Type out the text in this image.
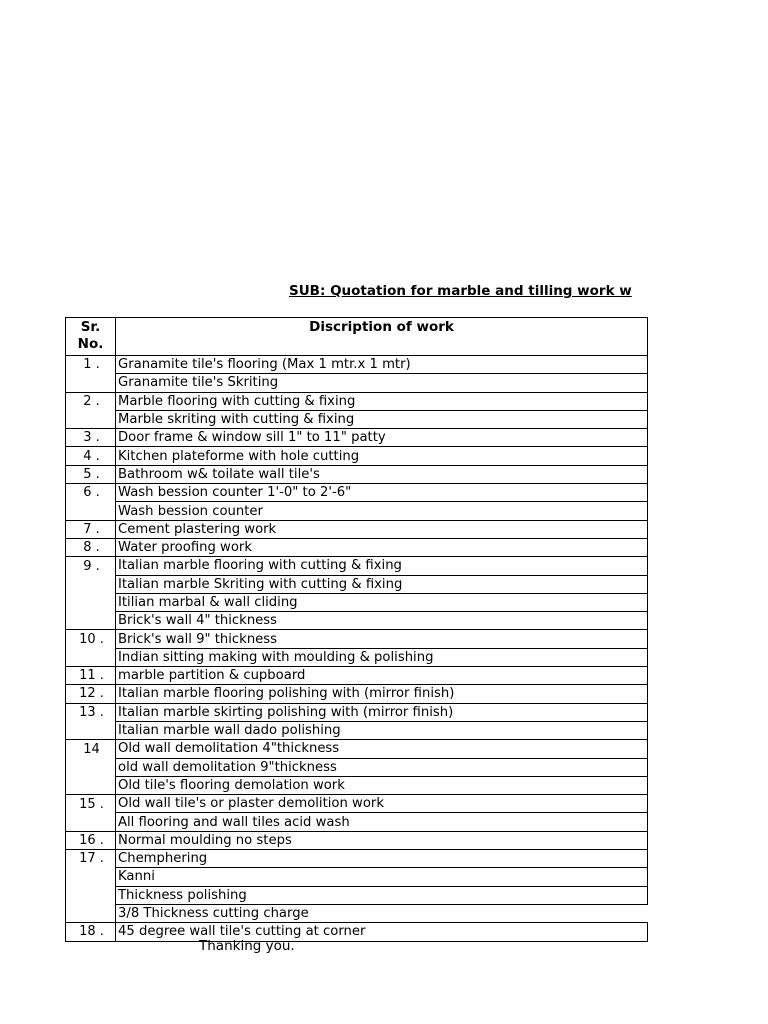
SUB: Quotation for marble and tilling work w
Sr. No.	Discription of work
1 .	Granamite tile's flooring (Max 1 mtr.x 1 mtr)
	Granamite tile's Skriting
2 .	Marble flooring with cutting & fixing
	Marble skriting with cutting & fixing
3 .	Door frame & window sill 1" to 11" patty
4 .	Kitchen plateforme with hole cutting
5 .	Bathroom w& toilate wall tile's
6 .	Wash bession counter 1'-0" to 2'-6"
	Wash bession counter
7 .	Cement plastering work
8 .	Water proofing work
9 .	Italian marble flooring with cutting & fixing
	Italian marble Skriting with cutting & fixing
	Itilian marbal & wall cliding
	Brick's wall 4" thickness
10 .	Brick's wall 9" thickness
	Indian sitting making with moulding & polishing
11 .	marble partition & cupboard
12 .	Italian marble flooring polishing with (mirror finish)
13 .	Italian marble skirting polishing with (mirror finish)
	Italian marble wall dado polishing
14	Old wall demolitation 4"thickness
	old wall demolitation 9"thickness
	Old tile's flooring demolation work
15 .	Old wall tile's or plaster demolition work
	All flooring and wall tiles acid wash
16 .	Normal moulding no steps
17 .	Chemphering
	Kanni
	Thickness polishing
	3/8 Thickness cutting charge
18 .	45 degree wall tile's cutting at corner
Thanking you.
